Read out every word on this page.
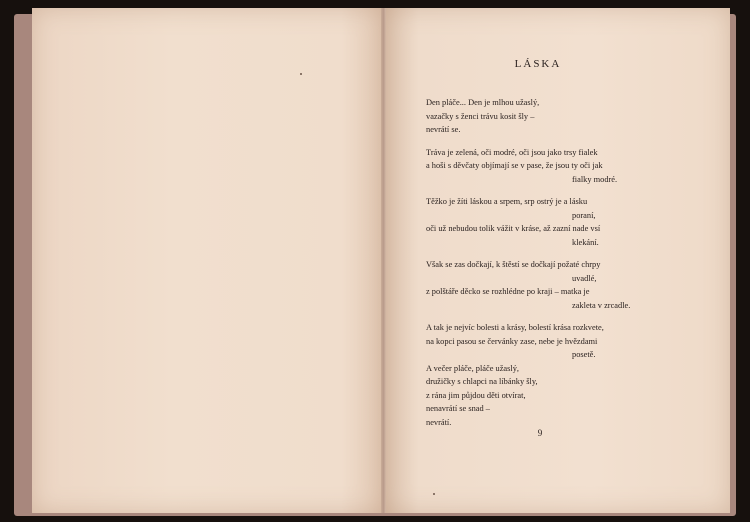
LÁSKA
Den pláče... Den je mlhou užaslý,
vazačky s ženci trávu kosit šly –
nevrátí se.
Tráva je zelená, oči modré, oči jsou jako trsy fialek
a hoši s děvčaty objímají se v pase, že jsou ty oči jak
fialky modré.
Těžko je žíti láskou a srpem, srp ostrý je a lásku
poraní,
oči už nebudou tolik vážit v kráse, až zazní nade vsí
klekání.
Však se zas dočkají, k štěstí se dočkají požaté chrpy
uvadlé,
z polštáře děcko se rozhlédne po kraji – matka je
zakleta v zrcadle.
A tak je nejvíc bolesti a krásy, bolestí krása rozkvete,
na kopci pasou se červánky zase, nebe je hvězdami
posetě.
A večer pláče, pláče užaslý,
družičky s chlapci na líbánky šly,
z rána jim půjdou děti otvírat,
nenavrátí se snad –
nevrátí.
9
